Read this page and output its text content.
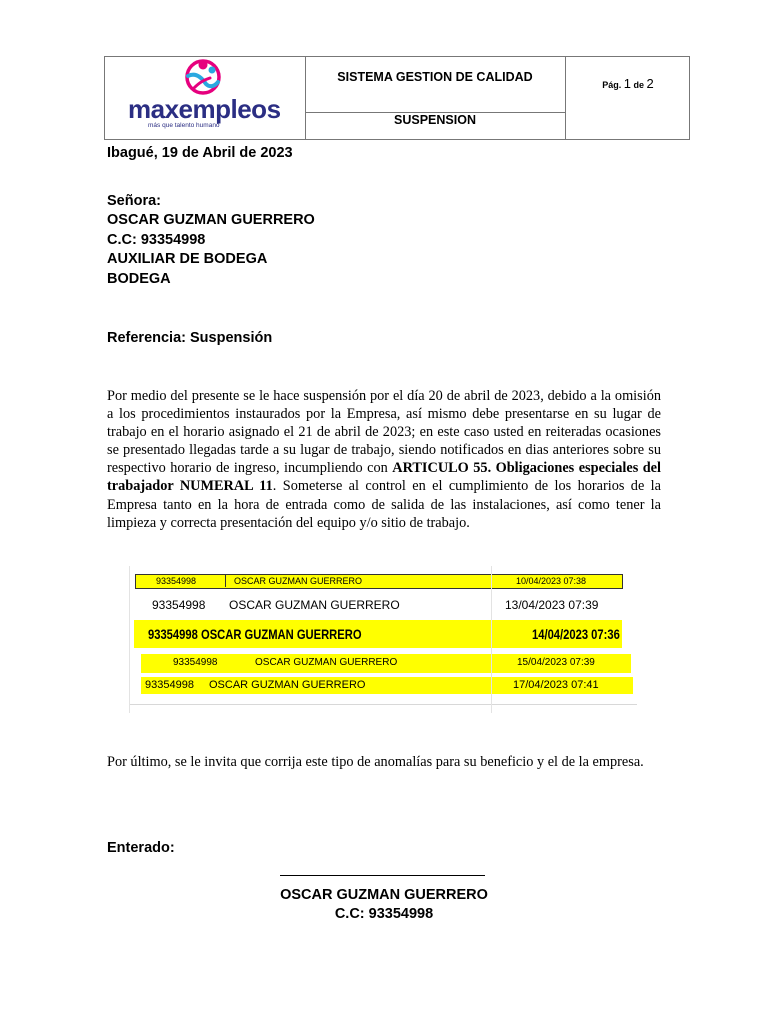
maxempleos
más que talento humano
SISTEMA GESTION DE CALIDAD
SUSPENSION
Pág. 1 de 2
Ibagué, 19 de Abril de 2023
Señora:
OSCAR GUZMAN GUERRERO
C.C: 93354998
AUXILIAR DE BODEGA
BODEGA
Referencia: Suspensión
Por medio del presente se le hace suspensión por el día 20 de abril de 2023, debido a la omisión a los procedimientos instaurados por la Empresa, así mismo debe presentarse en su lugar de trabajo en el horario asignado el 21 de abril de 2023; en este caso usted en reiteradas ocasiones se presentado llegadas tarde a su lugar de trabajo, siendo notificados en dias anteriores sobre su respectivo horario de ingreso, incumpliendo con ARTICULO 55. Obligaciones especiales del trabajador NUMERAL 11. Someterse al control en el cumplimiento de los horarios de la Empresa tanto en la hora de entrada como de salida de las instalaciones, así como tener la limpieza y correcta presentación del equipo y/o sitio de trabajo.
93354998	OSCAR GUZMAN GUERRERO	10/04/2023 07:38
93354998 OSCAR GUZMAN GUERRERO	13/04/2023 07:39
93354998 OSCAR GUZMAN GUERRERO	14/04/2023 07:36
93354998	OSCAR GUZMAN GUERRERO	15/04/2023 07:39
93354998 OSCAR GUZMAN GUERRERO	17/04/2023 07:41
Por último, se le invita que corrija este tipo de anomalías para su beneficio y el de la empresa.
Enterado:
OSCAR GUZMAN GUERRERO
C.C: 93354998
